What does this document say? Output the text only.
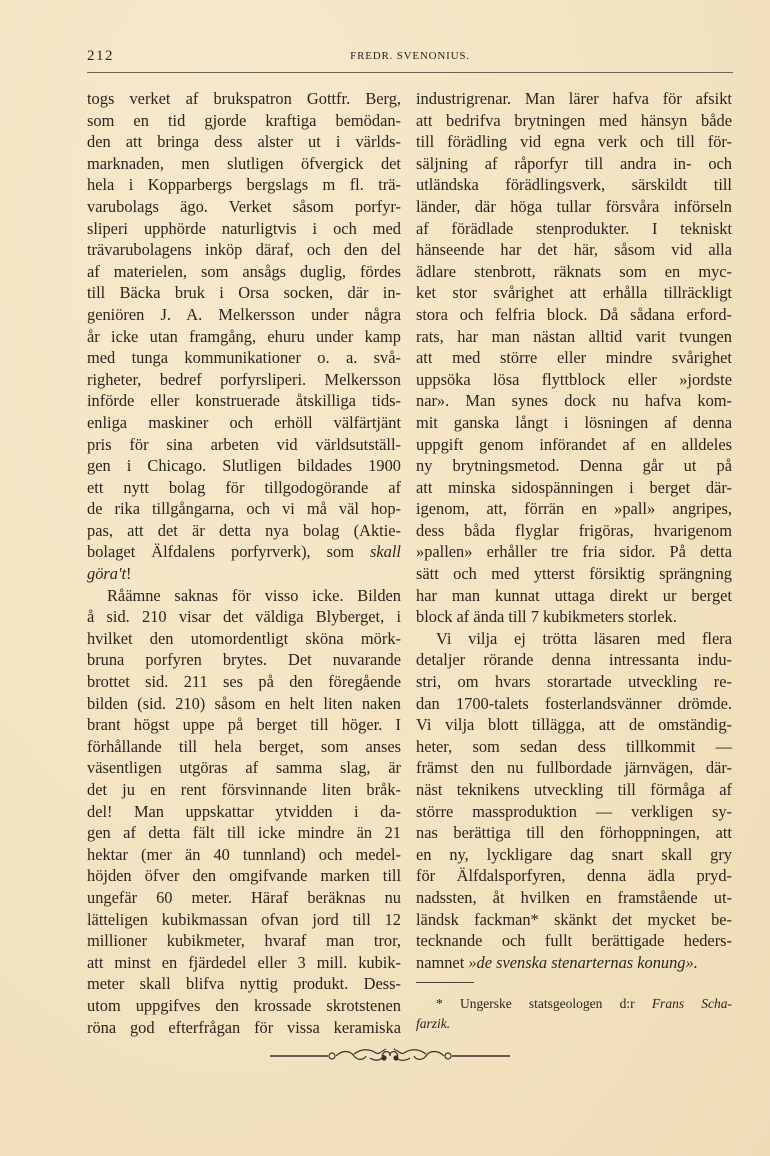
212	FREDR. SVENONIUS.
togs verket af brukspatron Gottfr. Berg,
som en tid gjorde kraftiga bemödan-
den att bringa dess alster ut i världs-
marknaden, men slutligen öfvergick det
hela i Kopparbergs bergslags m fl. trä-
varubolags ägo. Verket såsom porfyr-
sliperi upphörde naturligtvis i och med
trävarubolagens inköp däraf, och den del
af materielen, som ansågs duglig, fördes
till Bäcka bruk i Orsa socken, där in-
geniören J. A. Melkersson under några
år icke utan framgång, ehuru under kamp
med tunga kommunikationer o. a. svå-
righeter, bedref porfyrsliperi. Melkersson
införde eller konstruerade åtskilliga tids-
enliga maskiner och erhöll välfärtjänt
pris för sina arbeten vid världsutställ-
gen i Chicago. Slutligen bildades 1900
ett nytt bolag för tillgodogörande af
de rika tillgångarna, och vi må väl hop-
pas, att det är detta nya bolag (Aktie-
bolaget Älfdalens porfyrverk), som skall
göra't!
Råämne saknas för visso icke. Bilden
å sid. 210 visar det väldiga Blyberget, i
hvilket den utomordentligt sköna mörk-
bruna porfyren brytes. Det nuvarande
brottet sid. 211 ses på den föregående
bilden (sid. 210) såsom en helt liten naken
brant högst uppe på berget till höger. I
förhållande till hela berget, som anses
väsentligen utgöras af samma slag, är
det ju en rent försvinnande liten bråk-
del! Man uppskattar ytvidden i da-
gen af detta fält till icke mindre än 21
hektar (mer än 40 tunnland) och medel-
höjden öfver den omgifvande marken till
ungefär 60 meter. Häraf beräknas nu
lätteligen kubikmassan ofvan jord till 12
millioner kubikmeter, hvaraf man tror,
att minst en fjärdedel eller 3 mill. kubik-
meter skall blifva nyttig produkt. Dess-
utom uppgifves den krossade skrotstenen
röna god efterfrågan för vissa keramiska
industrigrenar. Man lärer hafva för afsikt
att bedrifva brytningen med hänsyn både
till förädling vid egna verk och till för-
säljning af råporfyr till andra in- och
utländska förädlingsverk, särskildt till
länder, där höga tullar försvåra införseln
af förädlade stenprodukter. I tekniskt
hänseende har det här, såsom vid alla
ädlare stenbrott, räknats som en myc-
ket stor svårighet att erhålla tillräckligt
stora och felfria block. Då sådana erford-
rats, har man nästan alltid varit tvungen
att med större eller mindre svårighet
uppsöka lösa flyttblock eller »jordste
nar». Man synes dock nu hafva kom-
mit ganska långt i lösningen af denna
uppgift genom införandet af en alldeles
ny brytningsmetod. Denna går ut på
att minska sidospänningen i berget där-
igenom, att, förrän en »pall» angripes,
dess båda flyglar frigöras, hvarigenom
»pallen» erhåller tre fria sidor. På detta
sätt och med ytterst försiktig sprängning
har man kunnat uttaga direkt ur berget
block af ända till 7 kubikmeters storlek.
Vi vilja ej trötta läsaren med flera
detaljer rörande denna intressanta indu-
stri, om hvars storartade utveckling re-
dan 1700-talets fosterlandsvänner drömde.
Vi vilja blott tillägga, att de omständig-
heter, som sedan dess tillkommit —
främst den nu fullbordade järnvägen, där-
näst teknikens utveckling till förmåga af
större massproduktion — verkligen sy-
nas berättiga till den förhoppningen, att
en ny, lyckligare dag snart skall gry
för Älfdalsporfyren, denna ädla pryd-
nadssten, åt hvilken en framstående ut-
ländsk fackman* skänkt det mycket be-
tecknande och fullt berättigade heders-
namnet »de svenska stenarternas konung».
* Ungerske statsgeologen d:r Frans Scha-
farzik.
